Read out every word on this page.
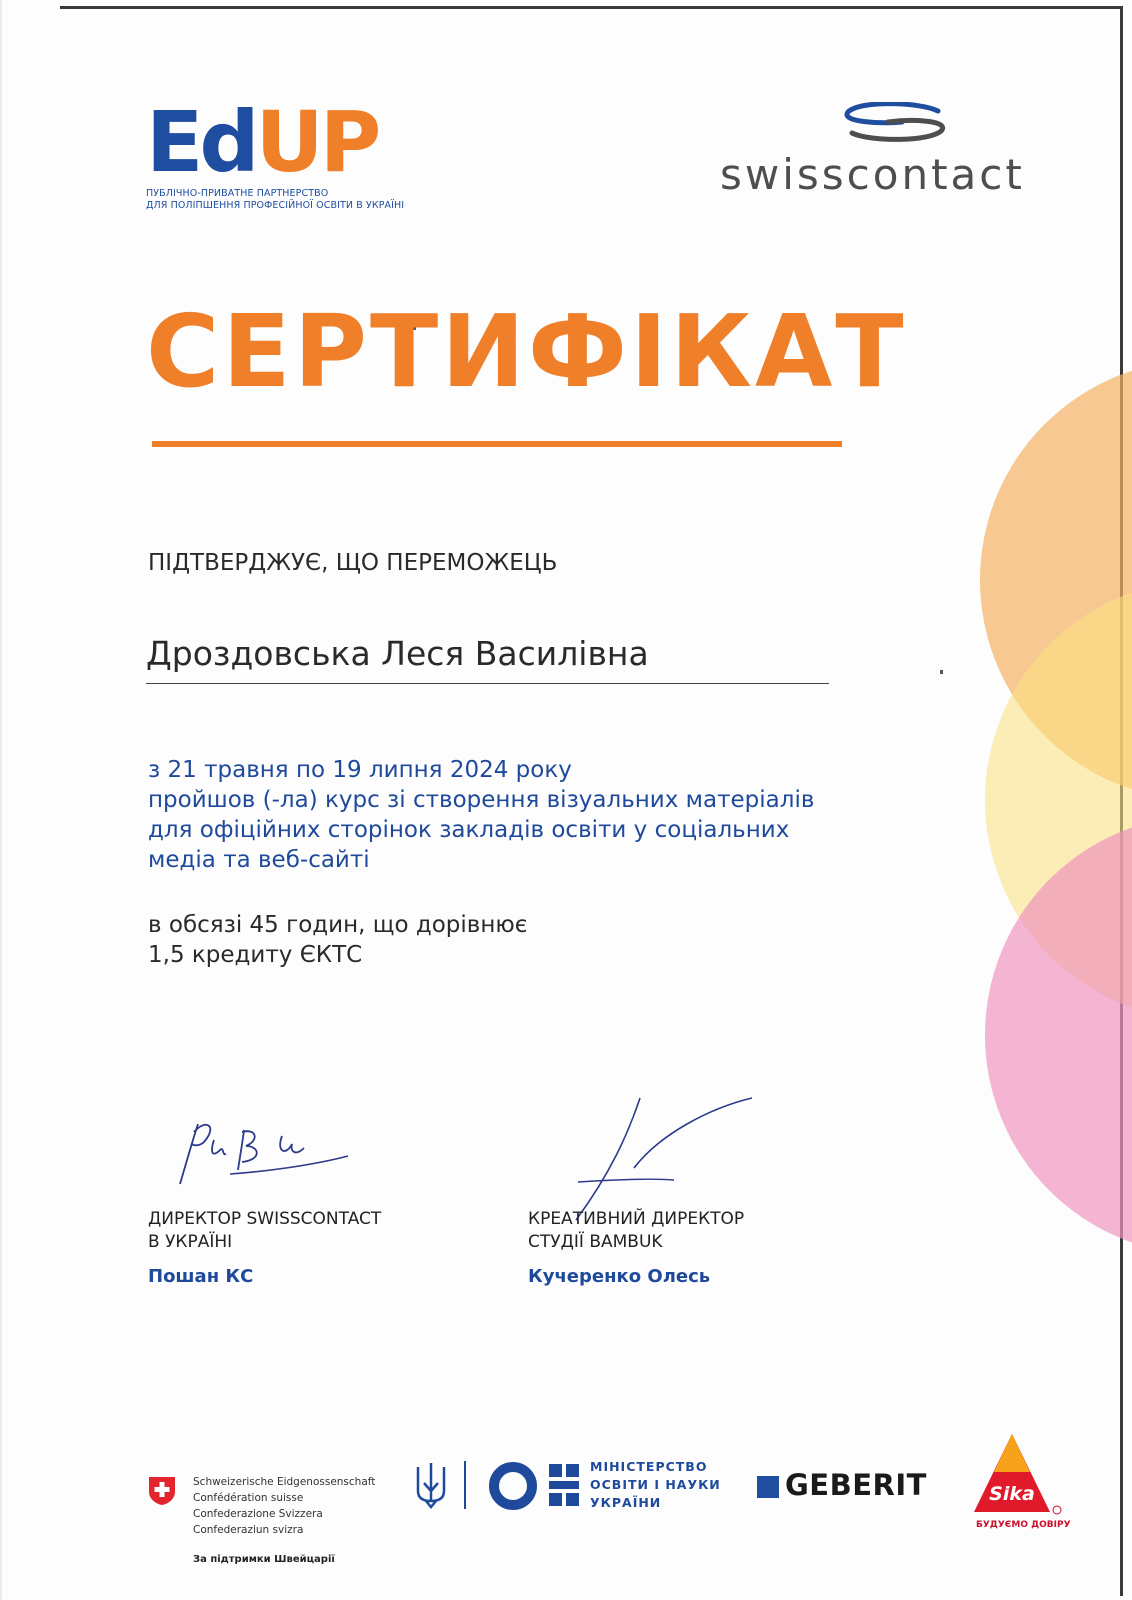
EdUP
ПУБЛІЧНО-ПРИВАТНЕ ПАРТНЕРСТВО
ДЛЯ ПОЛІПШЕННЯ ПРОФЕСІЙНОЇ ОСВІТИ В УКРАЇНІ
swisscontact
СЕРТИФІКАТ
ПІДТВЕРДЖУЄ, ЩО ПЕРЕМОЖЕЦЬ
Дроздовська Леся Василівна
з 21 травня по 19 липня 2024 року
пройшов (-ла) курс зі створення візуальних матеріалів
для офіційних сторінок закладів освіти у соціальних
медіа та веб-сайті
в обсязі 45 годин, що дорівнює
1,5 кредиту ЄКТС
ДИРЕКТОР SWISSCONTACT
В УКРАЇНІ
Пошан КС
КРЕАТИВНИЙ ДИРЕКТОР
СТУДІЇ BAMBUK
Кучеренко Олесь
Schweizerische Eidgenossenschaft
Confédération suisse
Confederazione Svizzera
Confederaziun svizra
За підтримки Швейцарії
МІНІСТЕРСТВО
ОСВІТИ І НАУКИ
УКРАЇНИ
GEBERIT	Sika
БУДУЄМО ДОВІРУ
